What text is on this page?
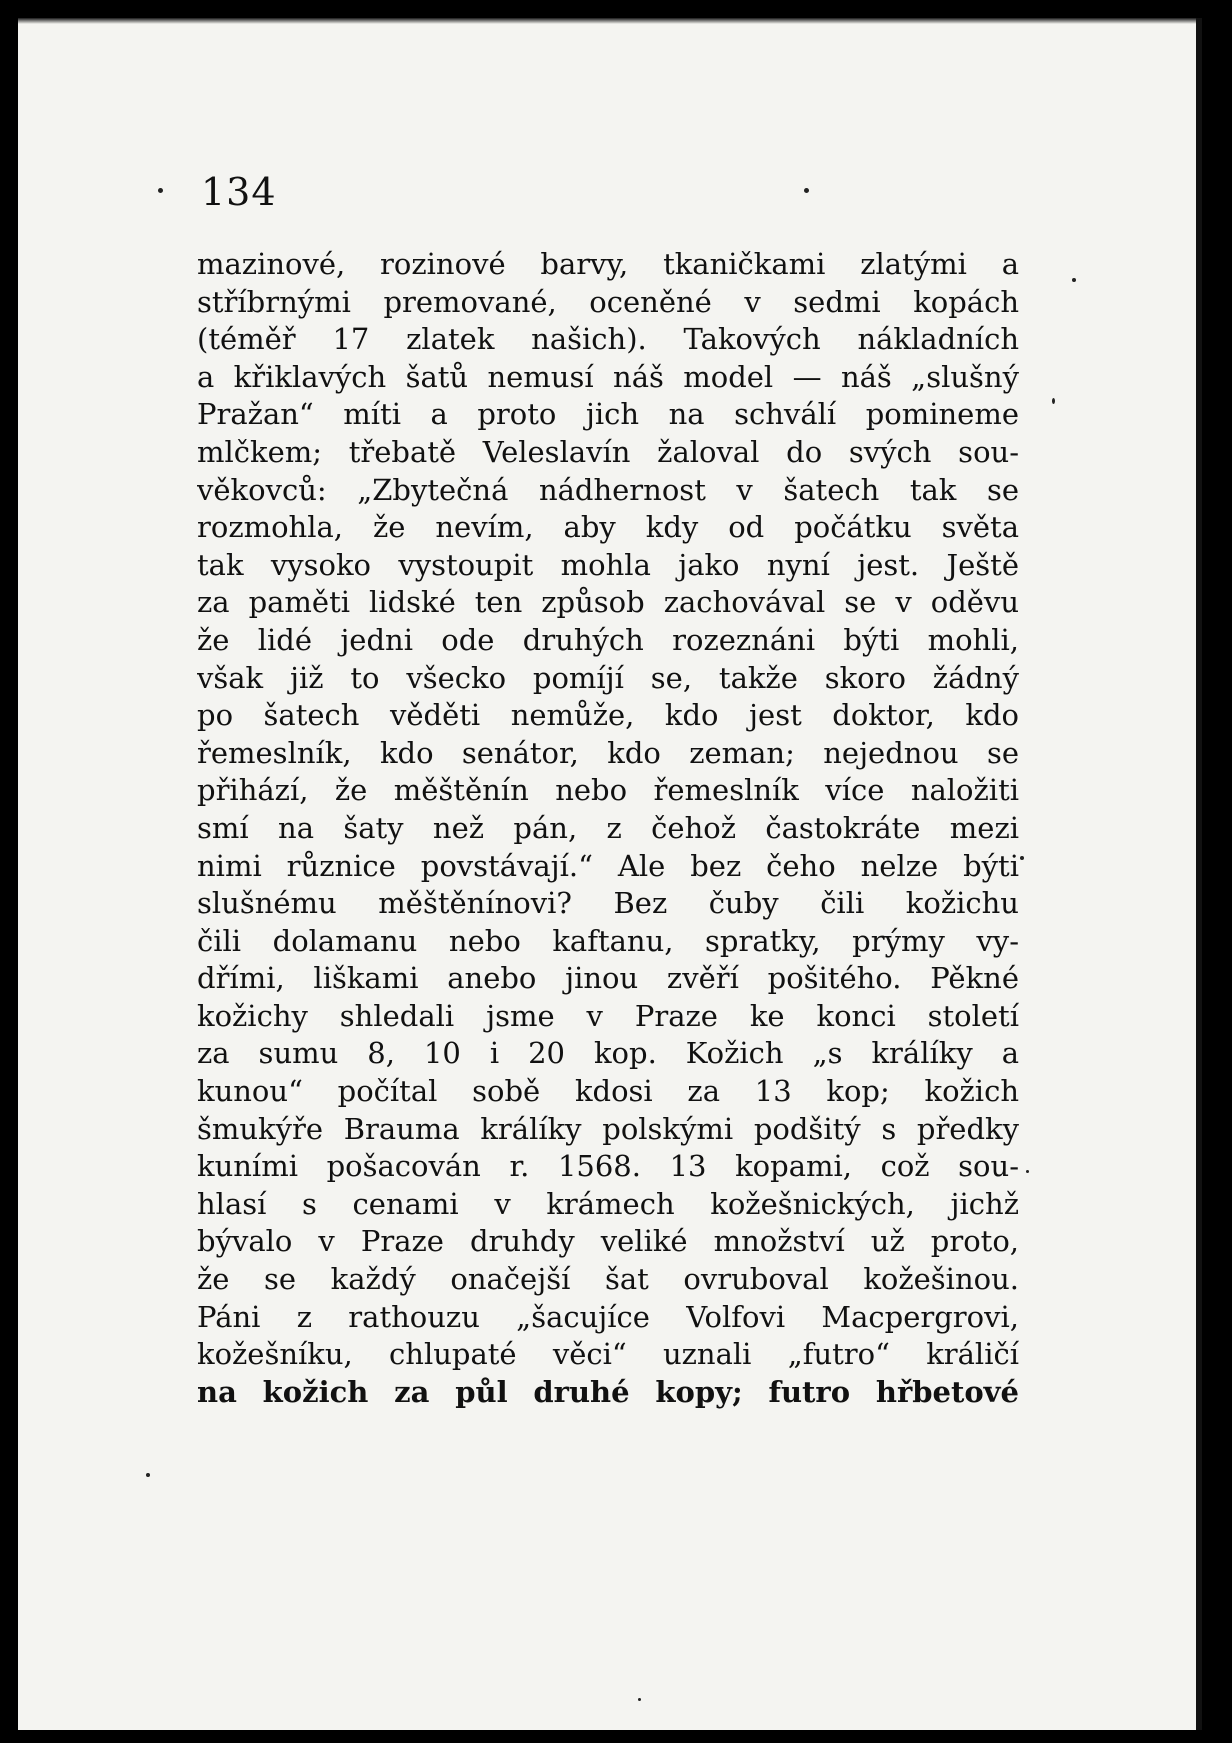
134
mazinové, rozinové barvy, tkaničkami zlatými a
stříbrnými premované, oceněné v sedmi kopách
(téměř 17 zlatek našich). Takových nákladních
a křiklavých šatů nemusí náš model — náš „slušný
Pražan“ míti a proto jich na schválí pomineme
mlčkem; třebatě Veleslavín žaloval do svých sou-
věkovců: „Zbytečná nádhernost v šatech tak se
rozmohla, že nevím, aby kdy od počátku světa
tak vysoko vystoupit mohla jako nyní jest. Ještě
za paměti lidské ten způsob zachovával se v oděvu
že lidé jedni ode druhých rozeznáni býti mohli,
však již to všecko pomíjí se, takže skoro žádný
po šatech věděti nemůže, kdo jest doktor, kdo
řemeslník, kdo senátor, kdo zeman; nejednou se
přihází, že měštěnín nebo řemeslník více naložiti
smí na šaty než pán, z čehož častokráte mezi
nimi různice povstávají.“ Ale bez čeho nelze býti
slušnému měštěnínovi? Bez čuby čili kožichu
čili dolamanu nebo kaftanu, spratky, prýmy vy-
dřími, liškami anebo jinou zvěří pošitého. Pěkné
kožichy shledali jsme v Praze ke konci století
za sumu 8, 10 i 20 kop. Kožich „s králíky a
kunou“ počítal sobě kdosi za 13 kop; kožich
šmukýře Brauma králíky polskými podšitý s předky
kuními pošacován r. 1568. 13 kopami, což sou-
hlasí s cenami v krámech kožešnických, jichž
bývalo v Praze druhdy veliké množství už proto,
že se každý onačejší šat ovruboval kožešinou.
Páni z rathouzu „šacujíce Volfovi Macpergrovi,
kožešníku, chlupaté věci“ uznali „futro“ králičí
na kožich za půl druhé kopy; futro hřbetové
